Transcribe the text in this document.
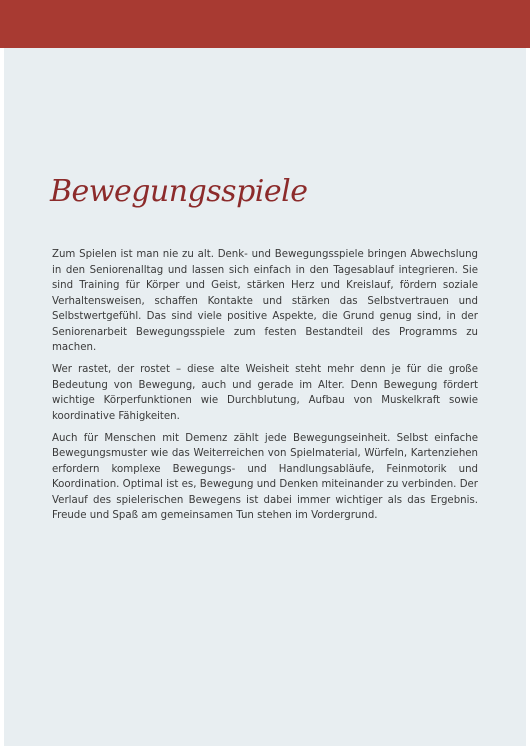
Bewegungsspiele

Zum Spielen ist man nie zu alt. Denk- und Bewegungsspiele bringen Abwechslung in den Seniorenalltag und lassen sich einfach in den Tagesablauf integrieren. Sie sind Training für Körper und Geist, stärken Herz und Kreislauf, fördern soziale Verhaltensweisen, schaffen Kontakte und stärken das Selbstvertrauen und Selbstwertgefühl. Das sind viele positive Aspekte, die Grund genug sind, in der Seniorenarbeit Bewegungsspiele zum festen Bestandteil des Programms zu machen.

Wer rastet, der rostet – diese alte Weisheit steht mehr denn je für die große Bedeutung von Bewegung, auch und gerade im Alter. Denn Bewegung fördert wichtige Körperfunktionen wie Durchblutung, Aufbau von Muskelkraft sowie koordinative Fähigkeiten.

Auch für Menschen mit Demenz zählt jede Bewegungseinheit. Selbst einfache Bewegungsmuster wie das Weiterreichen von Spielmaterial, Würfeln, Kartenziehen erfordern komplexe Bewegungs- und Handlungsabläufe, Feinmotorik und Koordination. Optimal ist es, Bewegung und Denken miteinander zu verbinden. Der Verlauf des spielerischen Bewegens ist dabei immer wichtiger als das Ergebnis. Freude und Spaß am gemeinsamen Tun stehen im Vordergrund.
